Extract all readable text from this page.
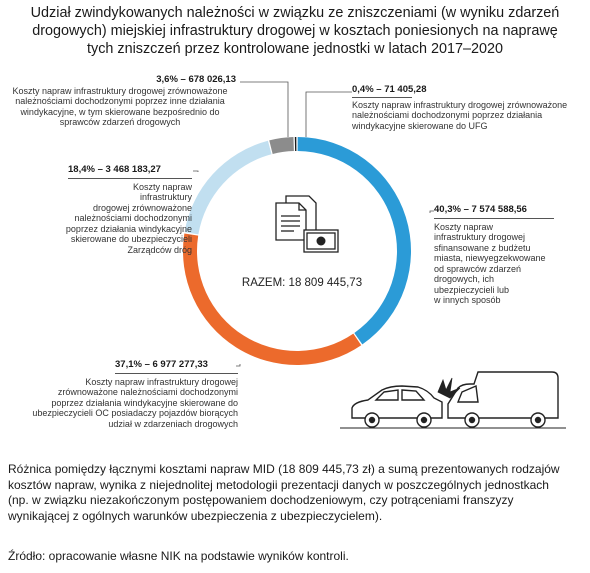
Udział zwindykowanych należności w związku ze zniszczeniami (w wyniku zdarzeń
drogowych) miejskiej infrastruktury drogowej w kosztach poniesionych na naprawę
tych zniszczeń przez kontrolowane jednostki w latach 2017–2020
RAZEM: 18 809 445,73
40,3% – 7 574 588,56
Koszty napraw
infrastruktury drogowej
sfinansowane z budżetu
miasta, niewyegzekwowane
od sprawców zdarzeń
drogowych, ich
ubezpieczycieli lub
w innych sposób
37,1% – 6 977 277,33
Koszty napraw infrastruktury drogowej
zrównoważone należnościami dochodzonymi
poprzez działania windykacyjne skierowane do
ubezpieczycieli OC posiadaczy pojazdów biorących
udział w zdarzeniach drogowych
18,4% – 3 468 183,27
Koszty napraw
infrastruktury
drogowej zrównoważone
należnościami dochodzonymi
poprzez działania windykacyjne
skierowane do ubezpieczycieli
Zarządców dróg
3,6% – 678 026,13
Koszty napraw infrastruktury drogowej zrównoważone
należnościami dochodzonymi poprzez inne działania
windykacyjne, w tym skierowane bezpośrednio do
sprawców zdarzeń drogowych
0,4% – 71 405,28
Koszty napraw infrastruktury drogowej zrównoważone
należnościami dochodzonymi poprzez działania
windykacyjne skierowane do UFG
Różnica pomiędzy łącznymi kosztami napraw MID (18 809 445,73 zł) a sumą prezentowanych rodzajów
kosztów napraw, wynika z niejednolitej metodologii prezentacji danych w poszczególnych jednostkach
(np. w związku niezakończonym postępowaniem dochodzeniowym, czy potrąceniami franszyzy
wynikającej z ogólnych warunków ubezpieczenia z ubezpieczycielem).
Źródło: opracowanie własne NIK na podstawie wyników kontroli.
